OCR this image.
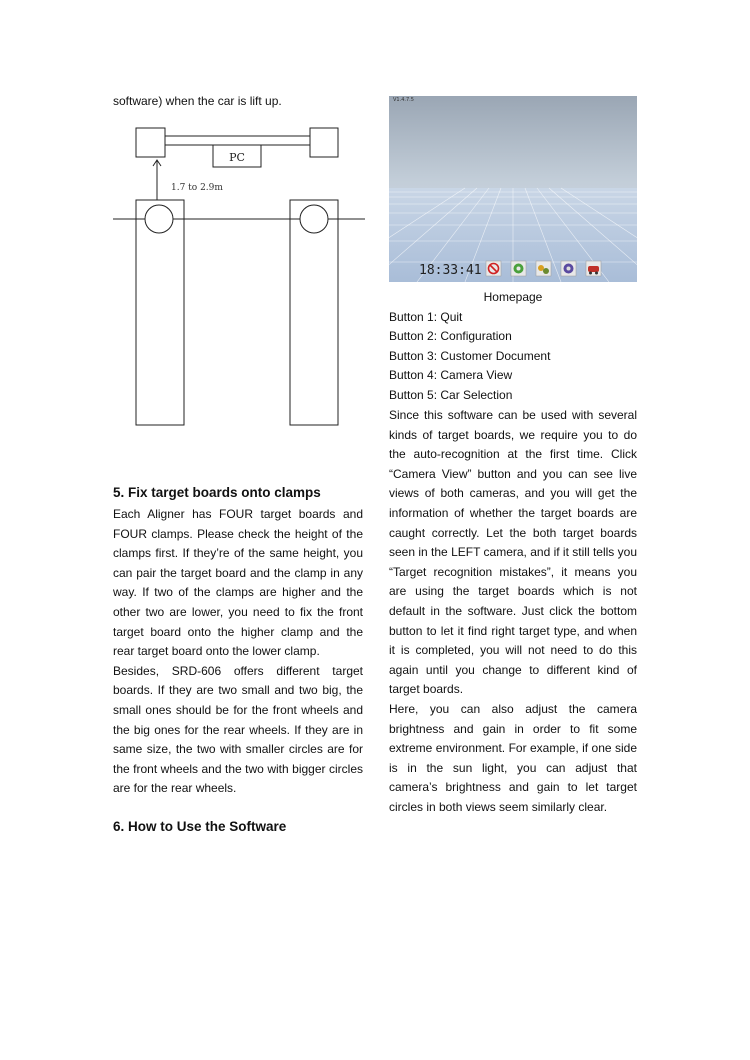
software) when the car is lift up.

PC
1.7 to 2.9m
V1.4.7.5
18:33:41

Homepage

Button 1: Quit

Button 2: Configuration

Button 3: Customer Document

Button 4: Camera View

Button 5: Car Selection

Since this software can be used with several kinds of target boards, we require you to do the auto-recognition at the first time. Click “Camera View” button and you can see live views of both cameras, and you will get the information of whether the target boards are caught correctly. Let the both target boards seen in the LEFT camera, and if it still tells you “Target recognition mistakes”, it means you are using the target boards which is not default in the software. Just click the bottom button to let it find right target type, and when it is completed, you will not need to do this again until you change to different kind of target boards.

Here, you can also adjust the camera brightness and gain in order to fit some extreme environment. For example, if one side is in the sun light, you can adjust that camera’s brightness and gain to let target circles in both views seem similarly clear.

5. Fix target boards onto clamps

Each Aligner has FOUR target boards and FOUR clamps. Please check the height of the clamps first. If they’re of the same height, you can pair the target board and the clamp in any way. If two of the clamps are higher and the other two are lower, you need to fix the front target board onto the higher clamp and the rear target board onto the lower clamp.

Besides, SRD-606 offers different target boards. If they are two small and two big, the small ones should be for the front wheels and the big ones for the rear wheels. If they are in same size, the two with smaller circles are for the front wheels and the two with bigger circles are for the rear wheels.

6. How to Use the Software
